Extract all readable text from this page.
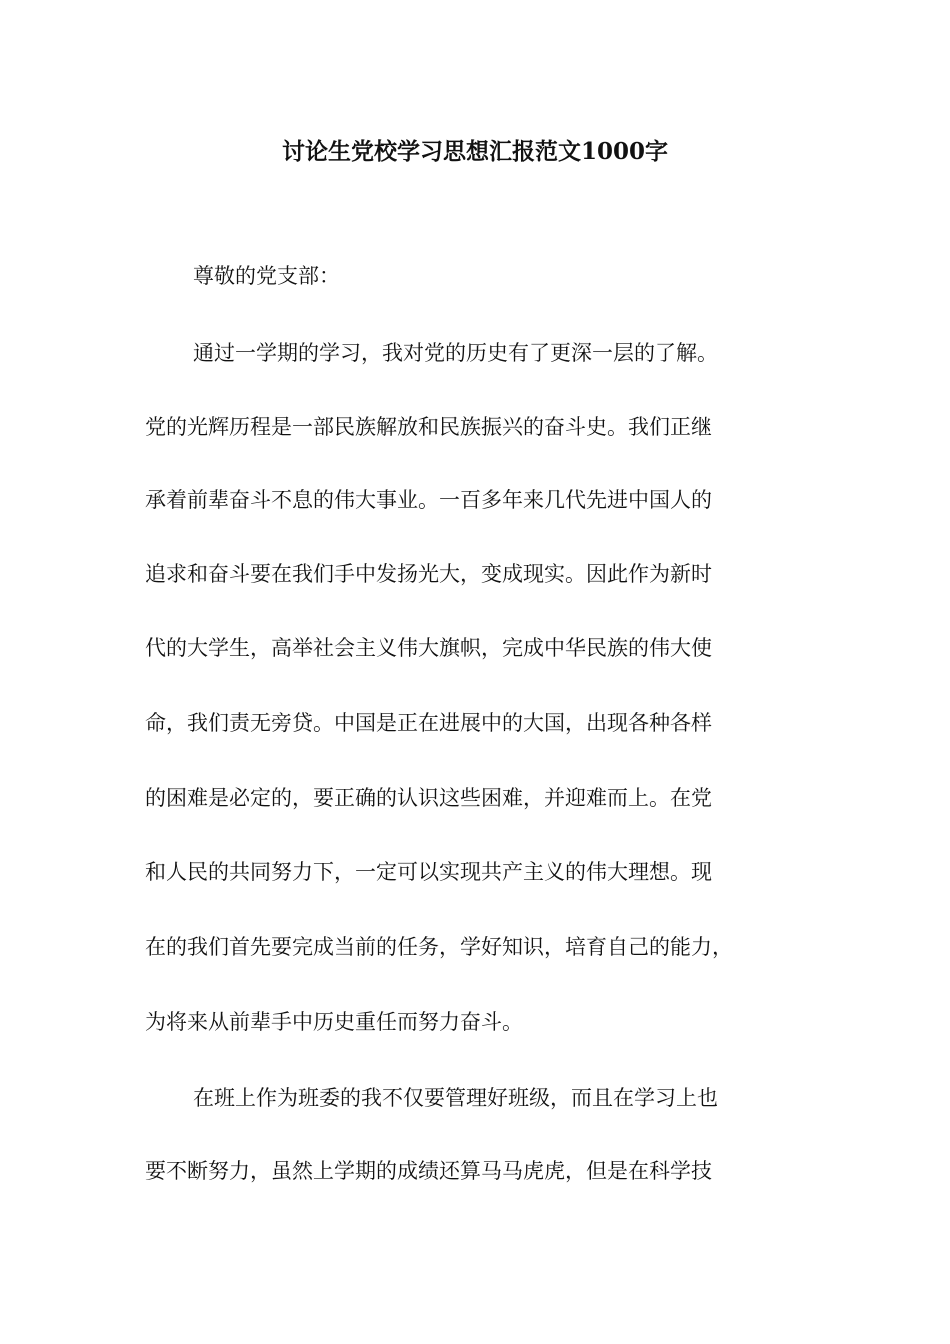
讨论生党校学习思想汇报范文1000字
尊敬的党支部：
通过一学期的学习，我对党的历史有了更深一层的了解。
党的光辉历程是一部民族解放和民族振兴的奋斗史。我们正继
承着前辈奋斗不息的伟大事业。一百多年来几代先进中国人的
追求和奋斗要在我们手中发扬光大，变成现实。因此作为新时
代的大学生，高举社会主义伟大旗帜，完成中华民族的伟大使
命，我们责无旁贷。中国是正在进展中的大国，出现各种各样
的困难是必定的，要正确的认识这些困难，并迎难而上。在党
和人民的共同努力下，一定可以实现共产主义的伟大理想。现
在的我们首先要完成当前的任务，学好知识，培育自己的能力，
为将来从前辈手中历史重任而努力奋斗。
在班上作为班委的我不仅要管理好班级，而且在学习上也
要不断努力，虽然上学期的成绩还算马马虎虎，但是在科学技
